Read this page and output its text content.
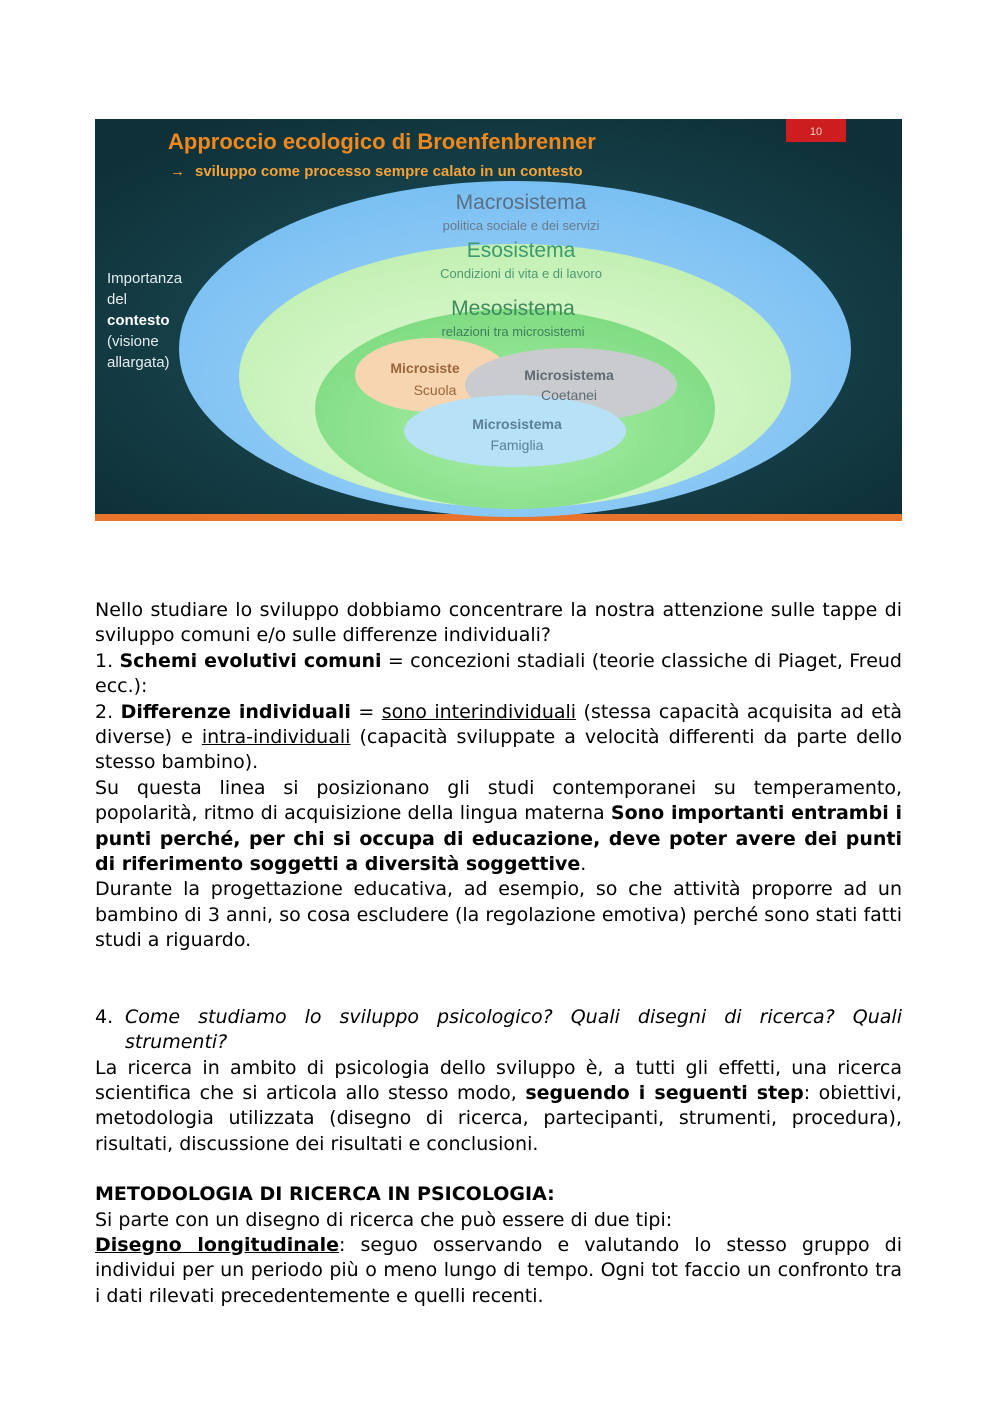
10
Approccio ecologico di Broenfenbrenner
→ sviluppo come processo sempre calato in un contesto
Importanza
del
contesto
(visione
allargata)
Macrosistema
politica sociale e dei servizi
Esosistema
Condizioni di vita e di lavoro
Mesosistema
relazioni tra microsistemi
Microsiste
Scuola
Microsistema
Coetanei
Microsistema
Famiglia

Nello studiare lo sviluppo dobbiamo concentrare la nostra attenzione sulle tappe di sviluppo comuni e/o sulle differenze individuali?

1. Schemi evolutivi comuni = concezioni stadiali (teorie classiche di Piaget, Freud ecc.):

2. Differenze individuali = sono interindividuali (stessa capacità acquisita ad età diverse) e intra-individuali (capacità sviluppate a velocità differenti da parte dello stesso bambino).

Su questa linea si posizionano gli studi contemporanei su temperamento, popolarità, ritmo di acquisizione della lingua materna Sono importanti entrambi i punti perché, per chi si occupa di educazione, deve poter avere dei punti di riferimento soggetti a diversità soggettive.

Durante la progettazione educativa, ad esempio, so che attività proporre ad un bambino di 3 anni, so cosa escludere (la regolazione emotiva) perché sono stati fatti studi a riguardo.

4. Come studiamo lo sviluppo psicologico? Quali disegni di ricerca? Quali strumenti?

La ricerca in ambito di psicologia dello sviluppo è, a tutti gli effetti, una ricerca scientifica che si articola allo stesso modo, seguendo i seguenti step: obiettivi, metodologia utilizzata (disegno di ricerca, partecipanti, strumenti, procedura), risultati, discussione dei risultati e conclusioni.

METODOLOGIA DI RICERCA IN PSICOLOGIA:

Si parte con un disegno di ricerca che può essere di due tipi:

Disegno longitudinale: seguo osservando e valutando lo stesso gruppo di individui per un periodo più o meno lungo di tempo. Ogni tot faccio un confronto tra i dati rilevati precedentemente e quelli recenti.
